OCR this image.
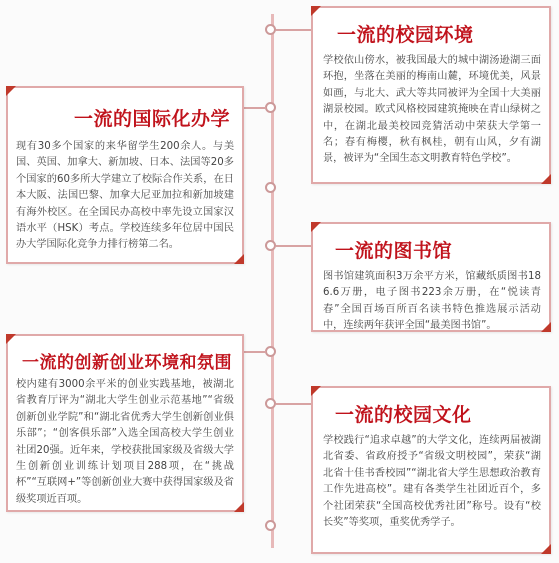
一流的校园环境
学校依山傍水，被我国最大的城中湖汤逊湖三面环抱，坐落在美丽的梅南山麓，环境优美，风景如画，与北大、武大等共同被评为全国十大美丽湖景校园。欧式风格校园建筑掩映在青山绿树之中，在湖北最美校园竞猜活动中荣获大学第一名；春有梅樱，秋有枫桂，朝有山风，夕有湖景，被评为“全国生态文明教育特色学校”。
一流的国际化办学
现有30多个国家的来华留学生200余人。与美国、英国、加拿大、新加坡、日本、法国等20多个国家的60多所大学建立了校际合作关系，在日本大阪、法国巴黎、加拿大尼亚加拉和新加坡建有海外校区。在全国民办高校中率先设立国家汉语水平（HSK）考点。学校连续多年位居中国民办大学国际化竞争力排行榜第二名。	一流的图书馆
图书馆建筑面积3万余平方米，馆藏纸质图书186.6万册，电子图书223余万册，在“悦读青春”全国百场百所百名读书特色推选展示活动中，连续两年获评全国“最美图书馆”。
一流的创新创业环境和氛围
校内建有3000余平米的创业实践基地，被湖北省教育厅评为“湖北大学生创业示范基地”“省级创新创业学院”和“湖北省优秀大学生创新创业俱乐部”；“创客俱乐部”入选全国高校大学生创业社团20强。近年来，学校获批国家级及省级大学生创新创业训练计划项目288项，在“挑战杯”“互联网+”等创新创业大赛中获得国家级及省级奖项近百项。
一流的校园文化
学校践行“追求卓越”的大学文化，连续两届被湖北省委、省政府授予“省级文明校园”，荣获“湖北省十佳书香校园”“湖北省大学生思想政治教育工作先进高校”。建有各类学生社团近百个，多个社团荣获“全国高校优秀社团”称号。设有“校长奖”等奖项，重奖优秀学子。
